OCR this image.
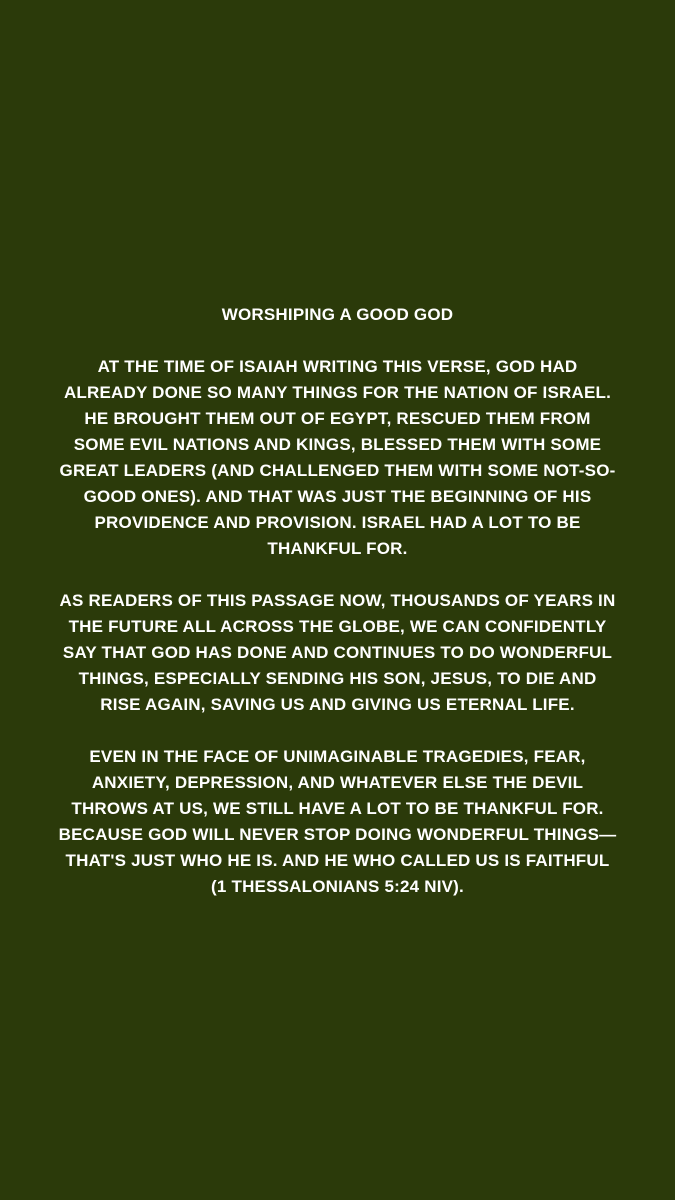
WORSHIPING A GOOD GOD

AT THE TIME OF ISAIAH WRITING THIS VERSE, GOD HAD ALREADY DONE SO MANY THINGS FOR THE NATION OF ISRAEL. HE BROUGHT THEM OUT OF EGYPT, RESCUED THEM FROM SOME EVIL NATIONS AND KINGS, BLESSED THEM WITH SOME GREAT LEADERS (AND CHALLENGED THEM WITH SOME NOT-SO-GOOD ONES). AND THAT WAS JUST THE BEGINNING OF HIS PROVIDENCE AND PROVISION. ISRAEL HAD A LOT TO BE THANKFUL FOR.

AS READERS OF THIS PASSAGE NOW, THOUSANDS OF YEARS IN THE FUTURE ALL ACROSS THE GLOBE, WE CAN CONFIDENTLY SAY THAT GOD HAS DONE AND CONTINUES TO DO WONDERFUL THINGS, ESPECIALLY SENDING HIS SON, JESUS, TO DIE AND RISE AGAIN, SAVING US AND GIVING US ETERNAL LIFE.

EVEN IN THE FACE OF UNIMAGINABLE TRAGEDIES, FEAR, ANXIETY, DEPRESSION, AND WHATEVER ELSE THE DEVIL THROWS AT US, WE STILL HAVE A LOT TO BE THANKFUL FOR. BECAUSE GOD WILL NEVER STOP DOING WONDERFUL THINGS—THAT'S JUST WHO HE IS. AND HE WHO CALLED US IS FAITHFUL (1 THESSALONIANS 5:24 NIV).
